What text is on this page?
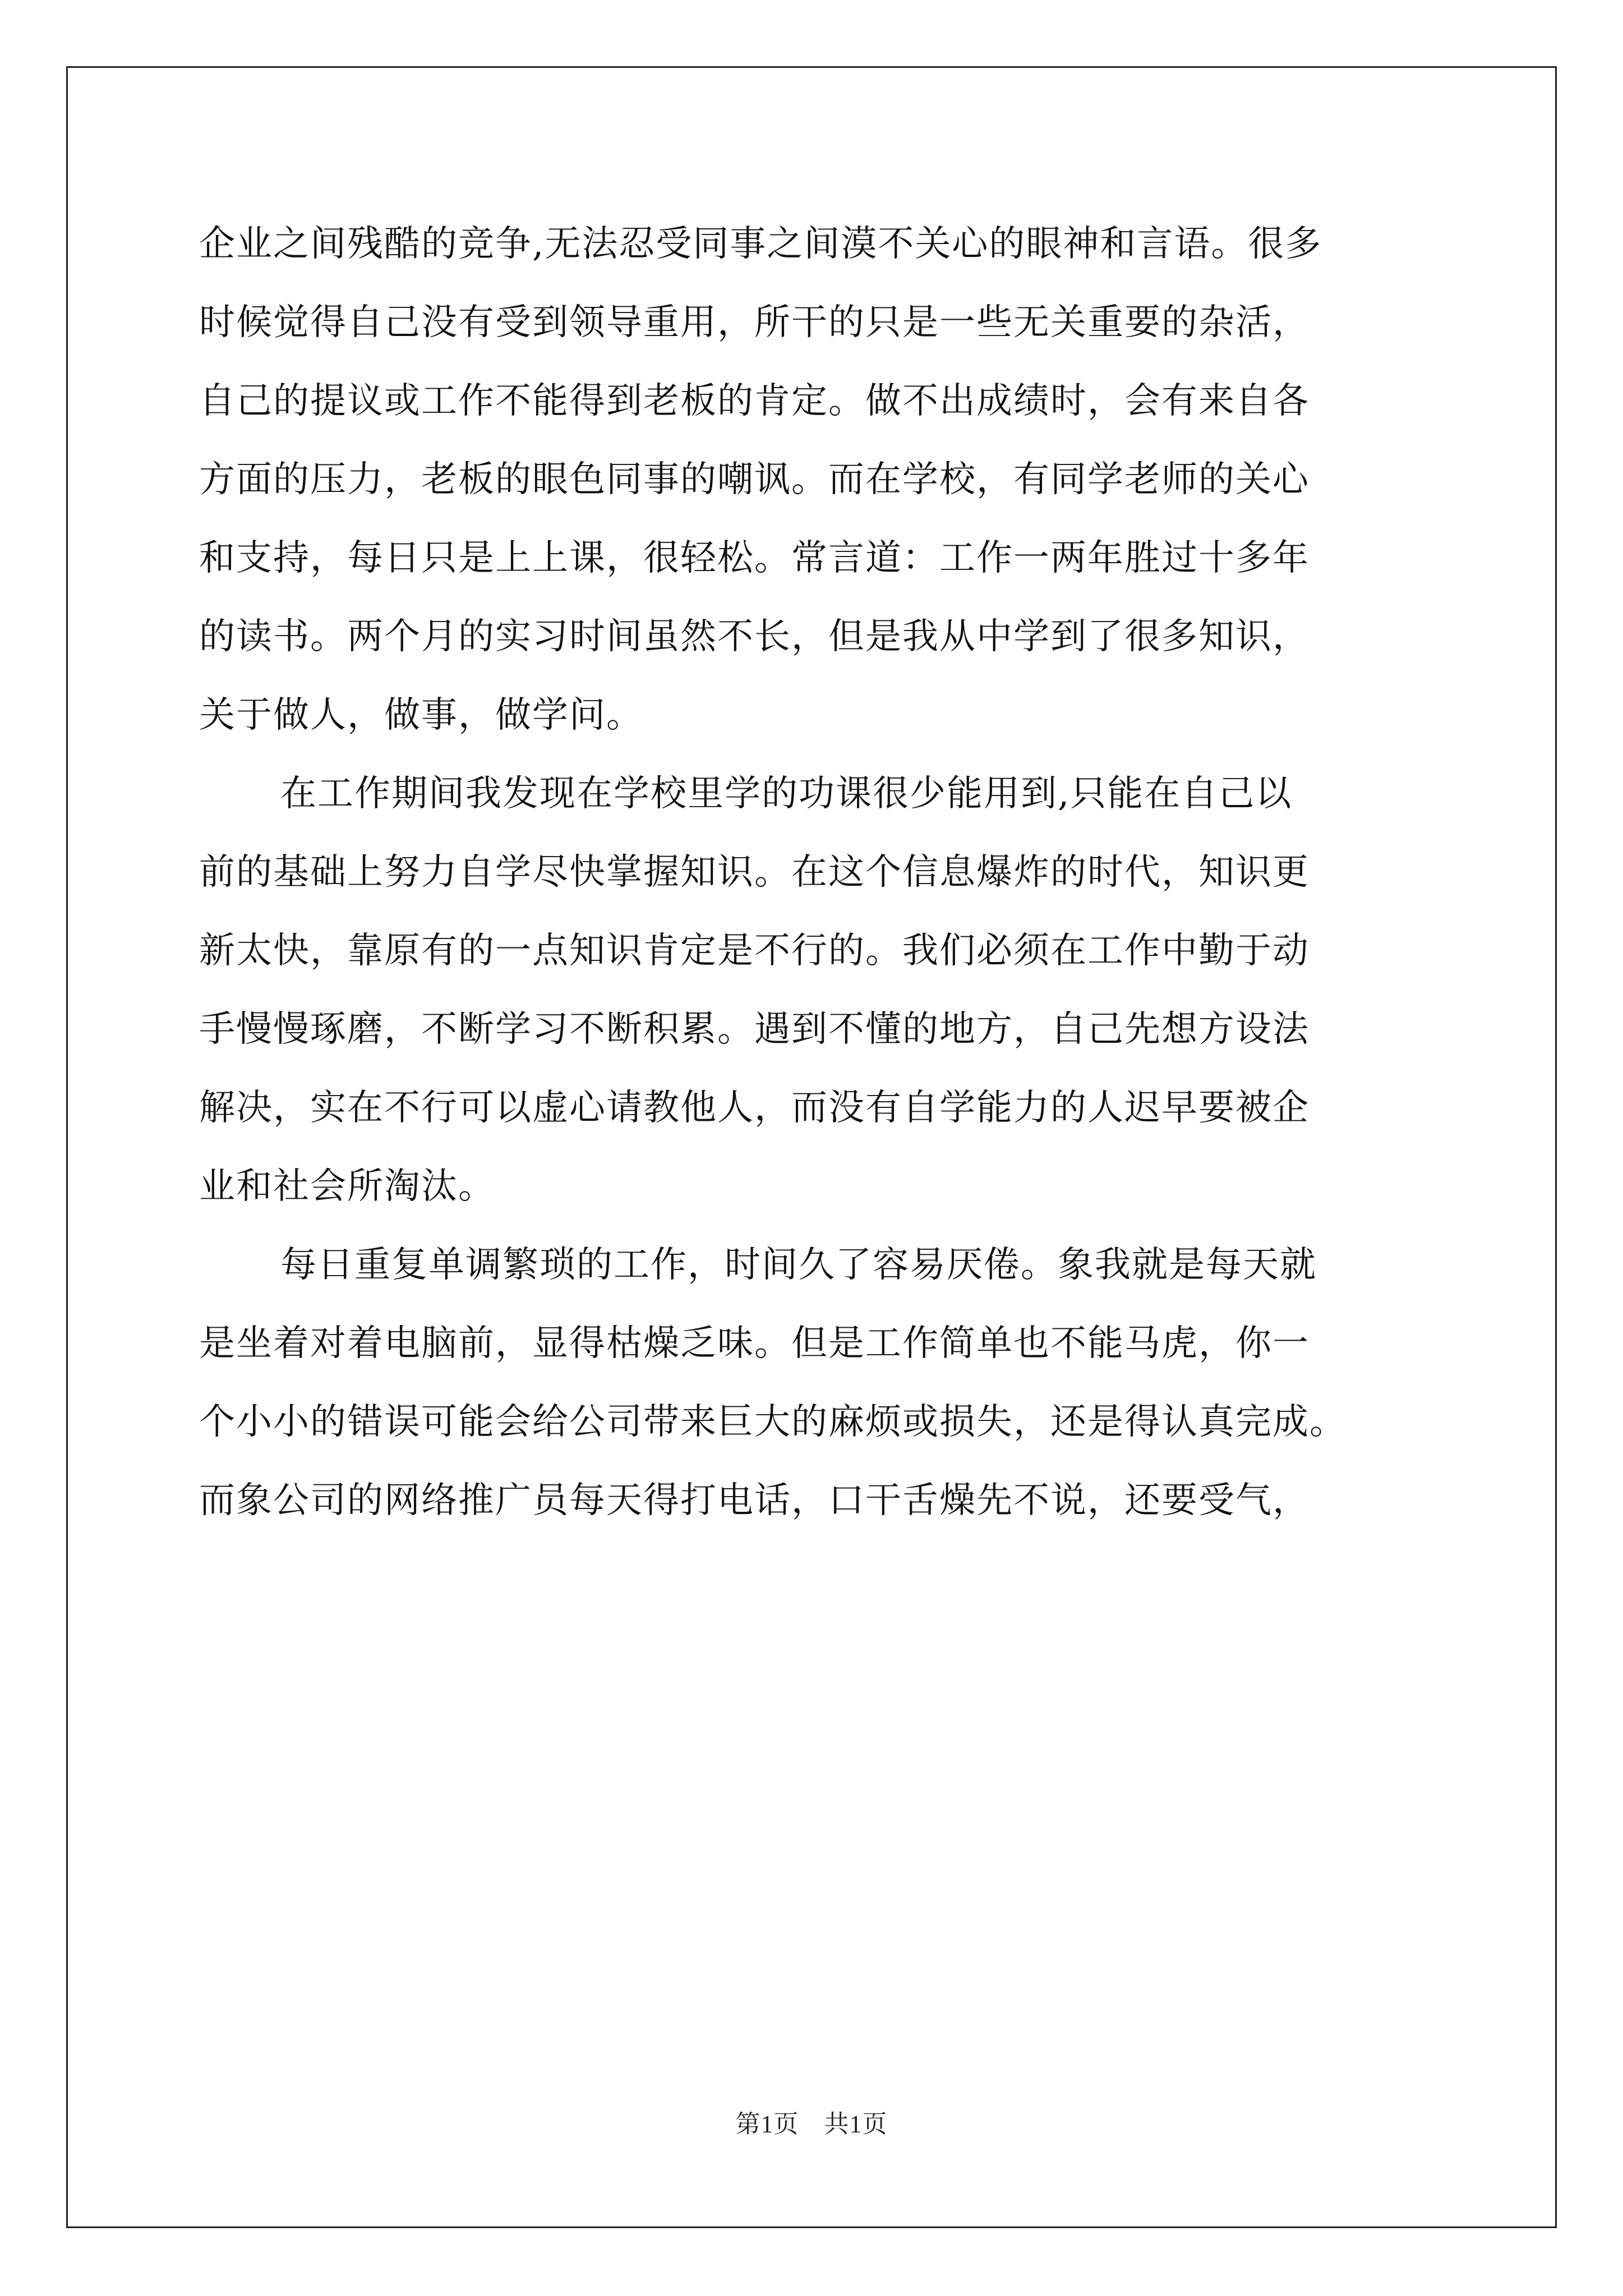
企业之间残酷的竞争,无法忍受同事之间漠不关心的眼神和言语。很多
时候觉得自己没有受到领导重用，所干的只是一些无关重要的杂活，
自己的提议或工作不能得到老板的肯定。做不出成绩时，会有来自各
方面的压力，老板的眼色同事的嘲讽。而在学校，有同学老师的关心
和支持，每日只是上上课，很轻松。常言道：工作一两年胜过十多年
的读书。两个月的实习时间虽然不长，但是我从中学到了很多知识，
关于做人，做事，做学问。
在工作期间我发现在学校里学的功课很少能用到,只能在自己以
前的基础上努力自学尽快掌握知识。在这个信息爆炸的时代，知识更
新太快，靠原有的一点知识肯定是不行的。我们必须在工作中勤于动
手慢慢琢磨，不断学习不断积累。遇到不懂的地方，自己先想方设法
解决，实在不行可以虚心请教他人，而没有自学能力的人迟早要被企
业和社会所淘汰。
每日重复单调繁琐的工作，时间久了容易厌倦。象我就是每天就
是坐着对着电脑前，显得枯燥乏味。但是工作简单也不能马虎，你一
个小小的错误可能会给公司带来巨大的麻烦或损失，还是得认真完成。
而象公司的网络推广员每天得打电话，口干舌燥先不说，还要受气，
第1页　共1页
